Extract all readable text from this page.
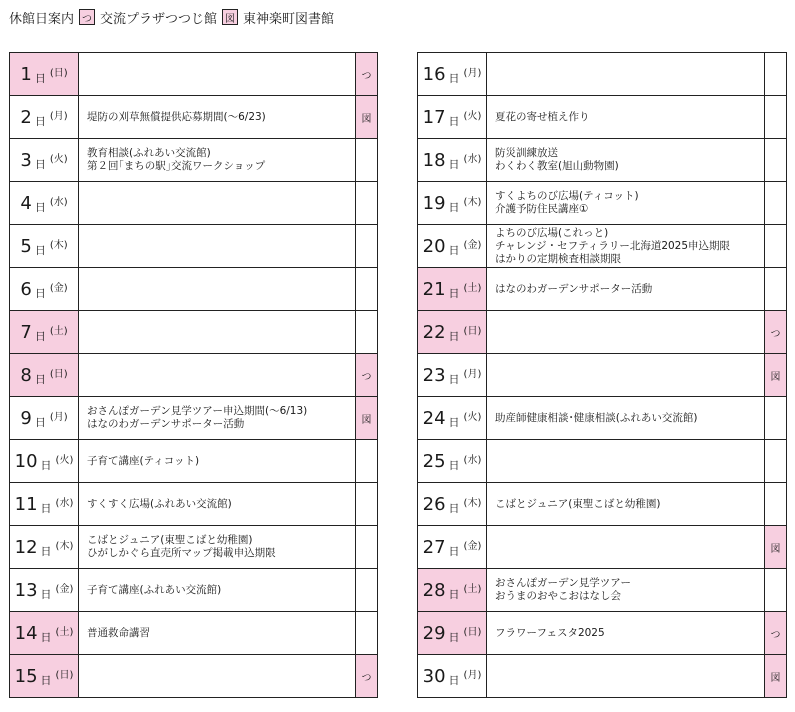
休館日案内 つ 交流プラザつつじ館 図 東神楽町図書館
1 日 (日)	つ
2 日 (月) 堤防の刈草無償提供応募期間(～6/23)	図
3 日 (火)
教育相談(ふれあい交流館)
第２回｢まちの駅｣交流ワークショップ
4 日 (水)
5 日 (木)
6 日 (金)
7 日 (土)
8 日 (日)	つ
9 日 (月)
おさんぽガーデン見学ツアー申込期間(～6/13)
はなのわガーデンサポーター活動	図
10 日 (火) 子育て講座(ティコット)
11 日 (水) すくすく広場(ふれあい交流館)
12 日 (木)
こばとジュニア(東聖こばと幼稚園)
ひがしかぐら直売所マップ掲載申込期限
13 日 (金) 子育て講座(ふれあい交流館)
14 日 (土) 普通救命講習
15 日 (日)	つ
16 日 (月)
17 日 (火) 夏花の寄せ植え作り
18 日 (水)
防災訓練放送
わくわく教室(旭山動物園)
19 日 (木)
すくよちのび広場(ティコット)
介護予防住民講座①
20 日 (金)
よちのび広場(これっと)
チャレンジ・セフティラリー北海道2025申込期限
はかりの定期検査相談期限
21 日 (土) はなのわガーデンサポーター活動
22 日 (日)	つ
23 日 (月)	図
24 日 (火) 助産師健康相談･健康相談(ふれあい交流館)
25 日 (水)
26 日 (木) こばとジュニア(東聖こばと幼稚園)
27 日 (金)	図
28 日 (土)
おさんぽガーデン見学ツアー
おうまのおやこおはなし会
29 日 (日) フラワーフェスタ2025	つ
30 日 (月)	図
